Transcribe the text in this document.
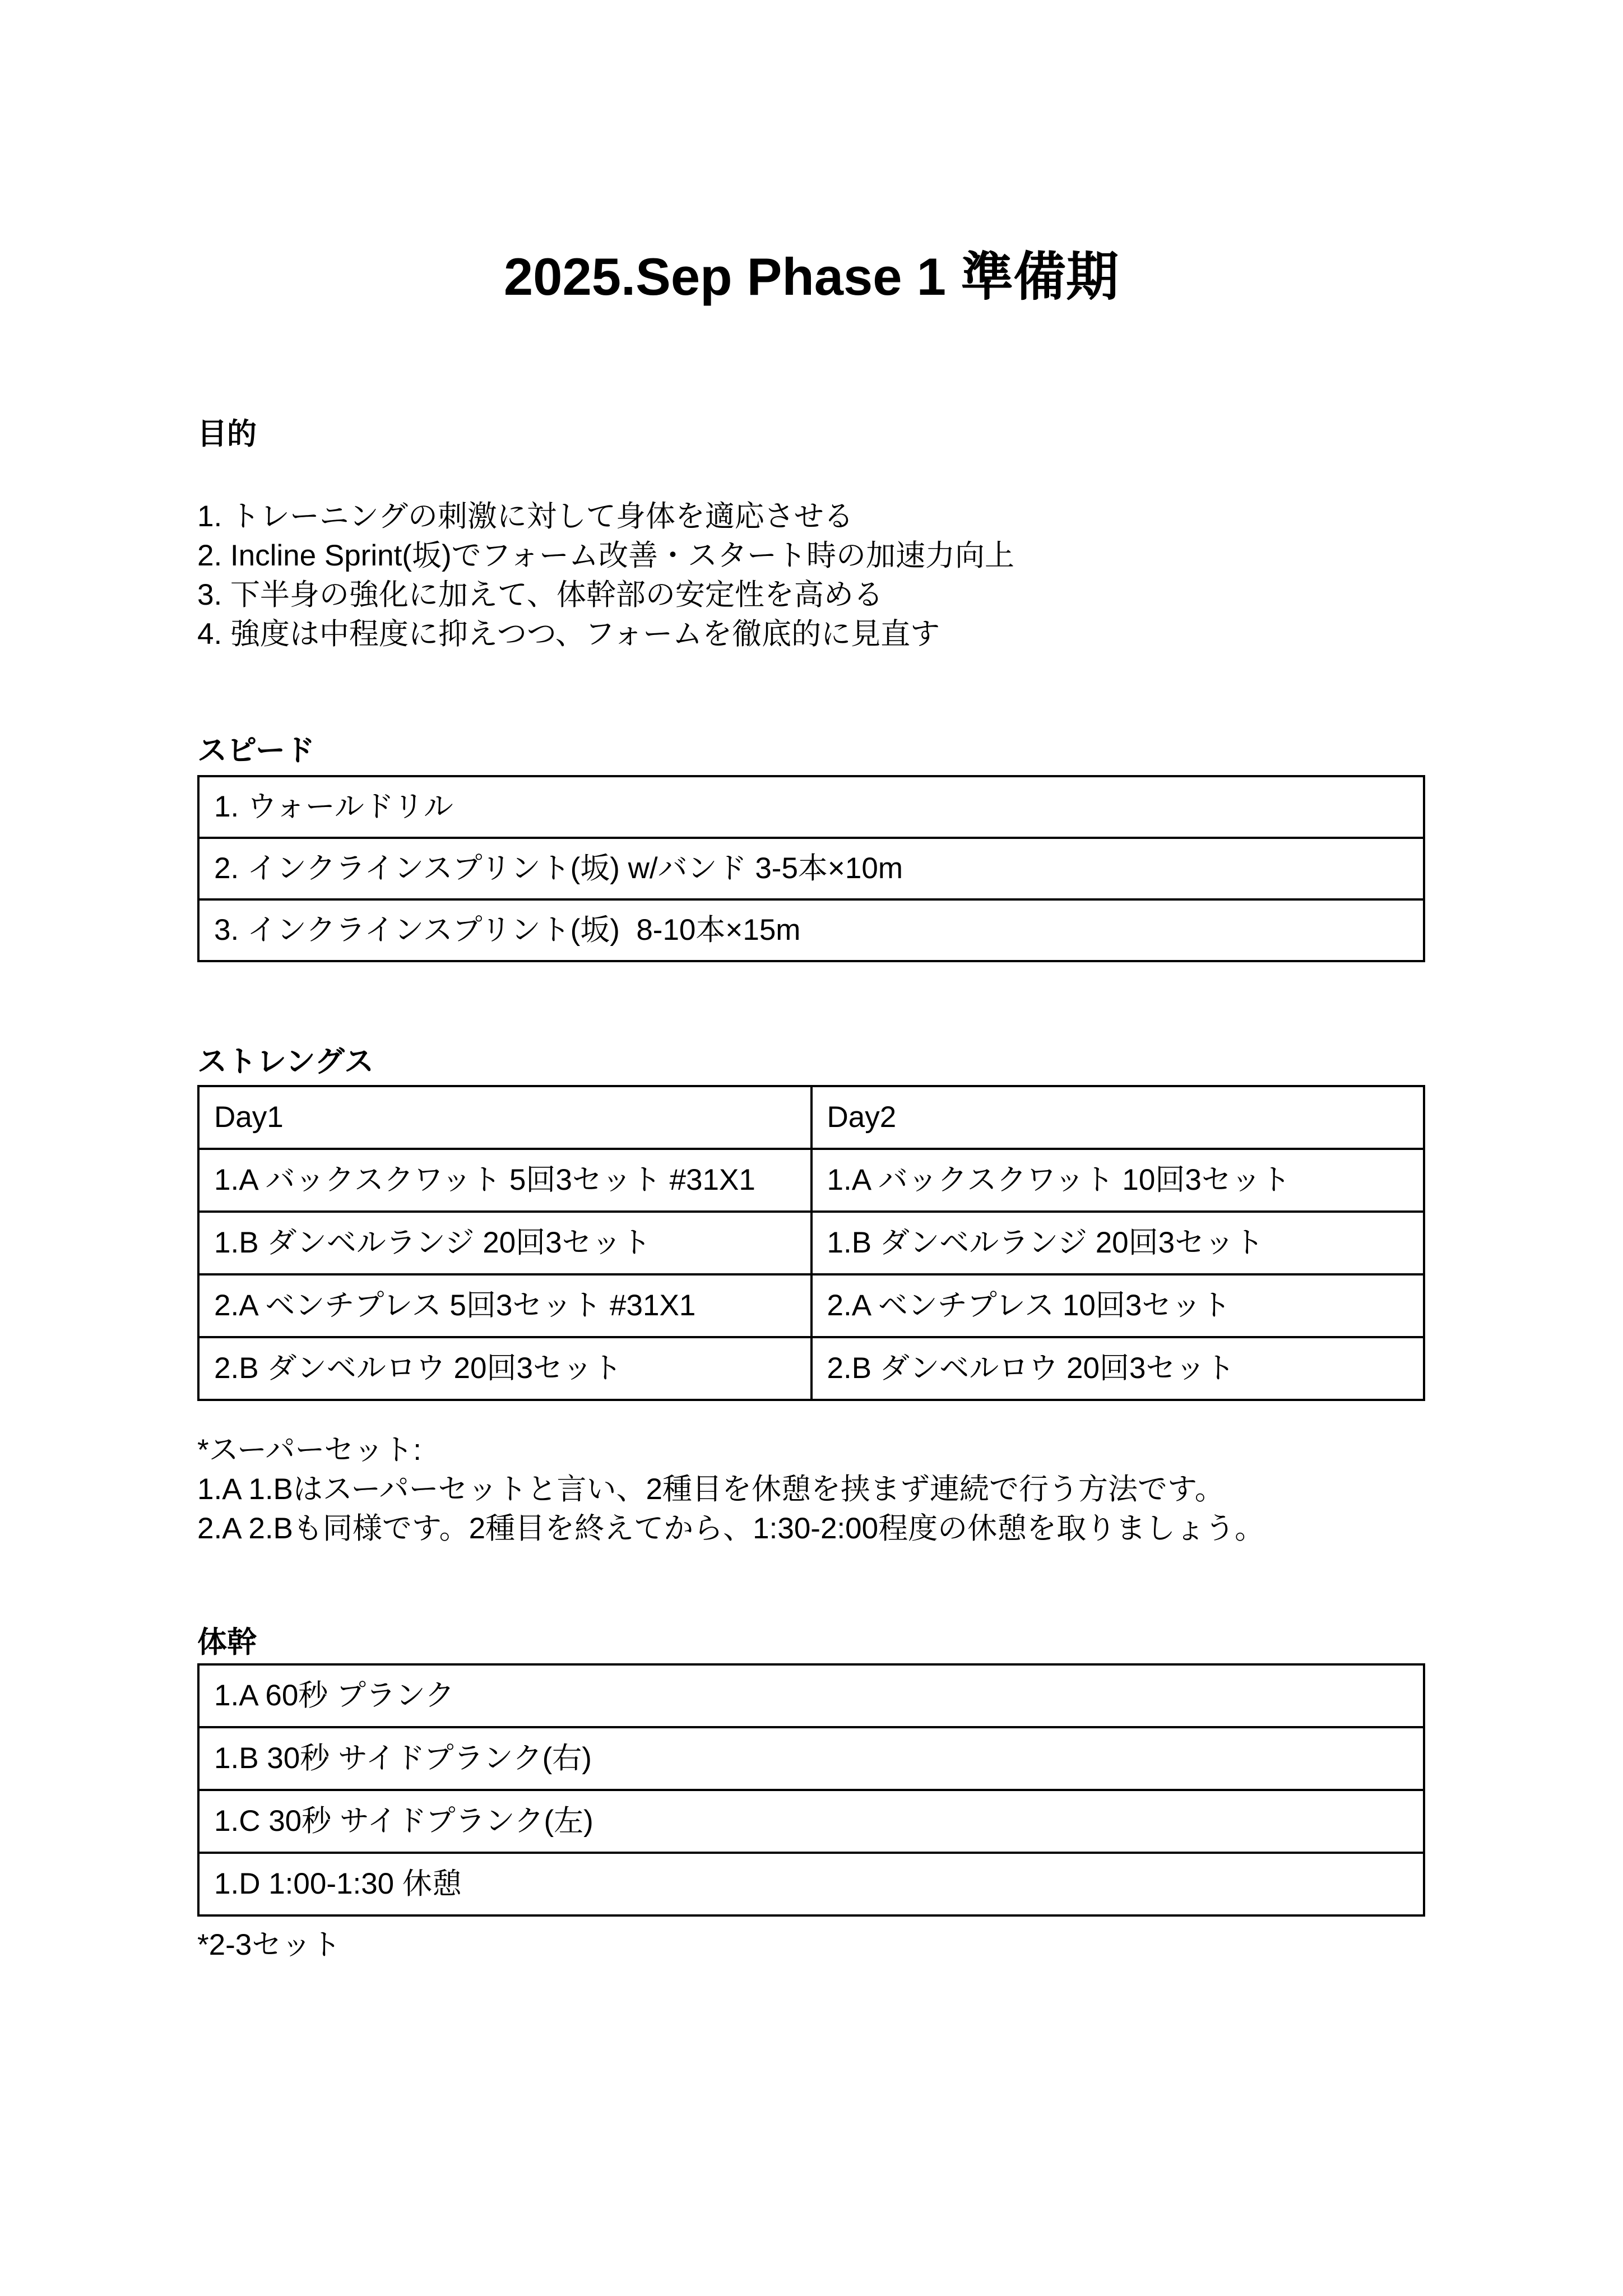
2025.Sep Phase 1 準備期
目的

1. トレーニングの刺激に対して身体を適応させる

2. Incline Sprint(坂)でフォーム改善・スタート時の加速力向上

3. 下半身の強化に加えて、体幹部の安定性を高める

4. 強度は中程度に抑えつつ、フォームを徹底的に見直す

スピード
1. ウォールドリル
2. インクラインスプリント(坂) w/バンド 3-5本×10m
3. インクラインスプリント(坂)  8-10本×15m
ストレングス
Day1	Day2
1.A バックスクワット 5回3セット #31X1	1.A バックスクワット 10回3セット
1.B ダンベルランジ 20回3セット	1.B ダンベルランジ 20回3セット
2.A ベンチプレス 5回3セット #31X1	2.A ベンチプレス 10回3セット
2.B ダンベルロウ 20回3セット	2.B ダンベルロウ 20回3セット

*スーパーセット:

1.A 1.Bはスーパーセットと言い、2種目を休憩を挟まず連続で行う方法です。

2.A 2.Bも同様です。2種目を終えてから、1:30-2:00程度の休憩を取りましょう。

体幹
1.A 60秒 プランク
1.B 30秒 サイドプランク(右)
1.C 30秒 サイドプランク(左)
1.D 1:00-1:30 休憩

*2-3セット
